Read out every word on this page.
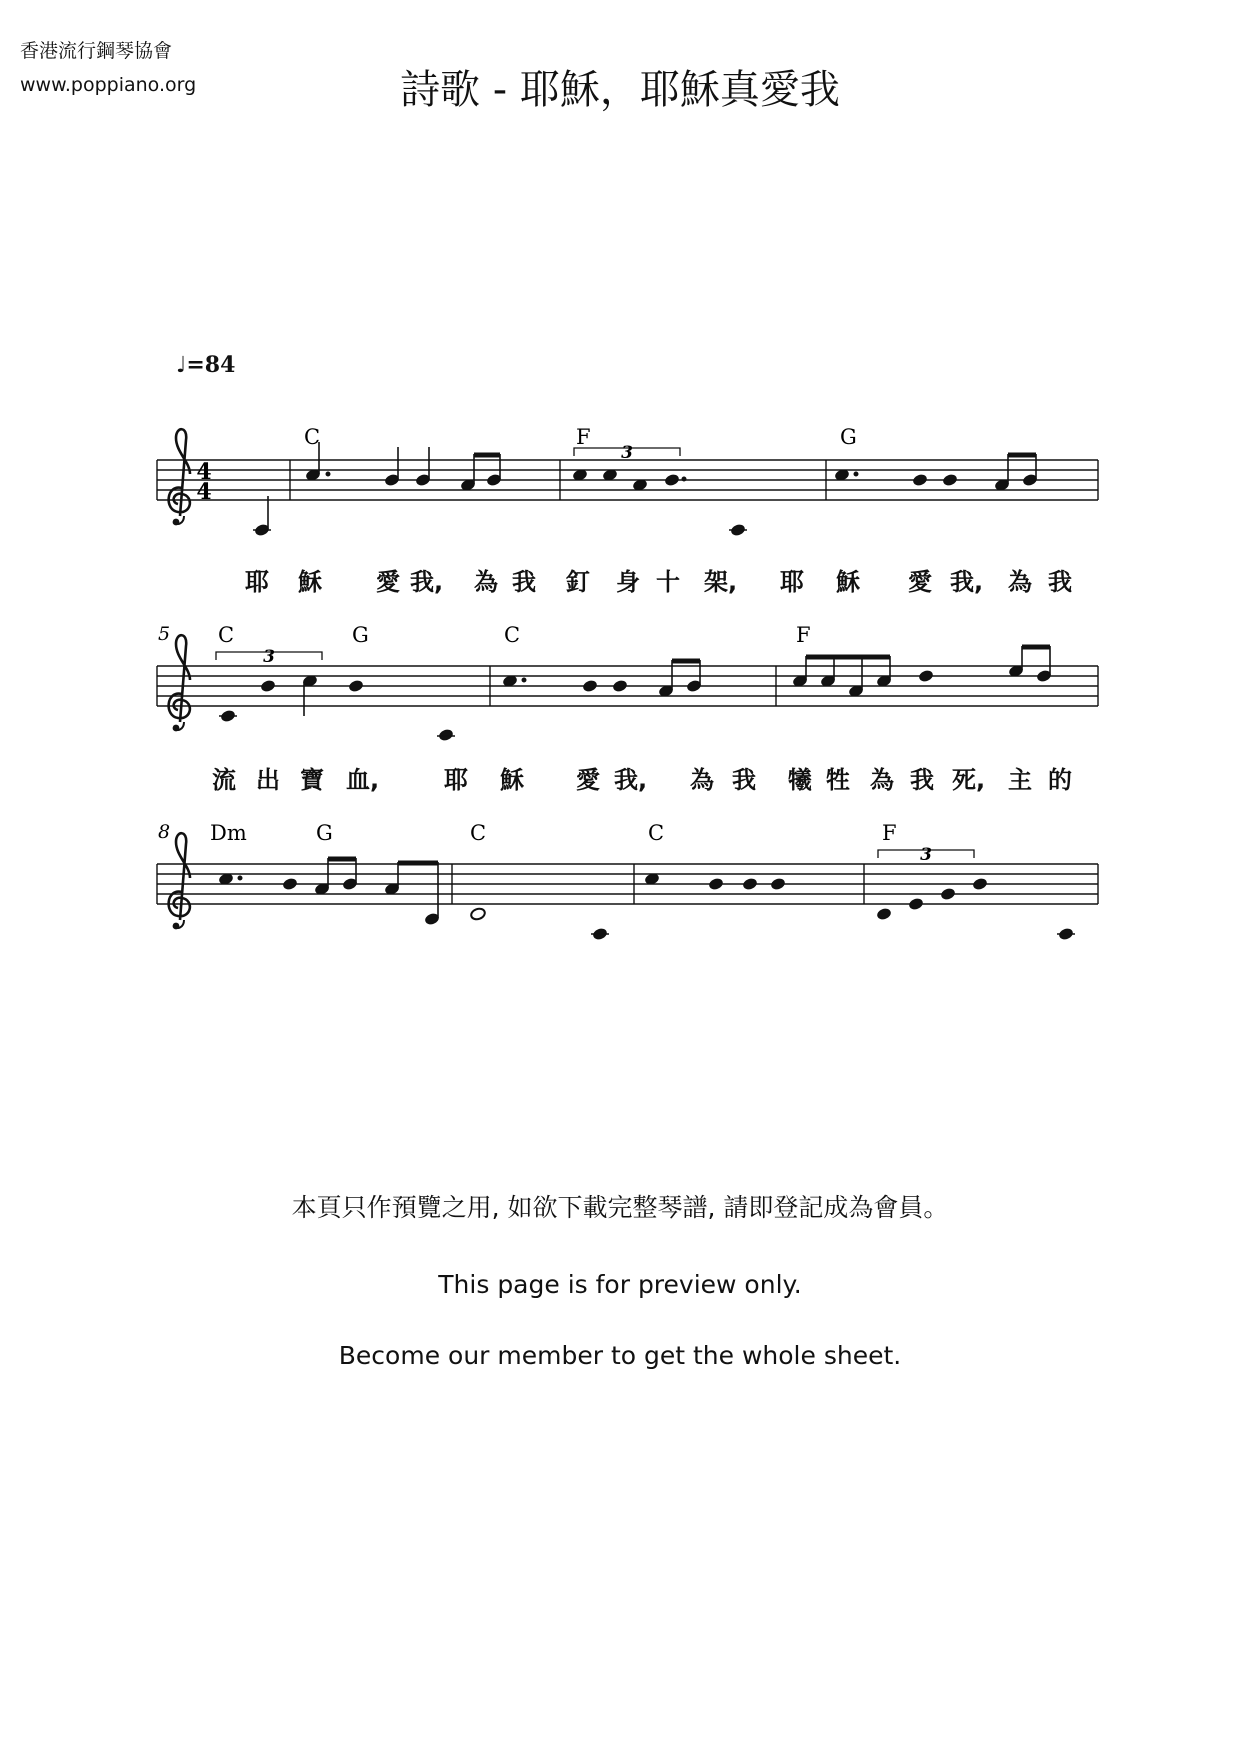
香港流行鋼琴協會
www.poppiano.org	詩歌 - 耶穌，耶穌真愛我
♩=84
4
4
3
3
3
C	F	G
5 C	G	C	F
8 Dm	G	C	C	F
耶 穌 愛 我, 為 我 釘 身 十 架, 耶 穌 愛 我, 為 我
流 出 寶 血,	耶 穌 愛 我, 為 我 犧 牲 為 我 死, 主 的
本頁只作預覽之用, 如欲下載完整琴譜, 請即登記成為會員。
This page is for preview only.
Become our member to get the whole sheet.
